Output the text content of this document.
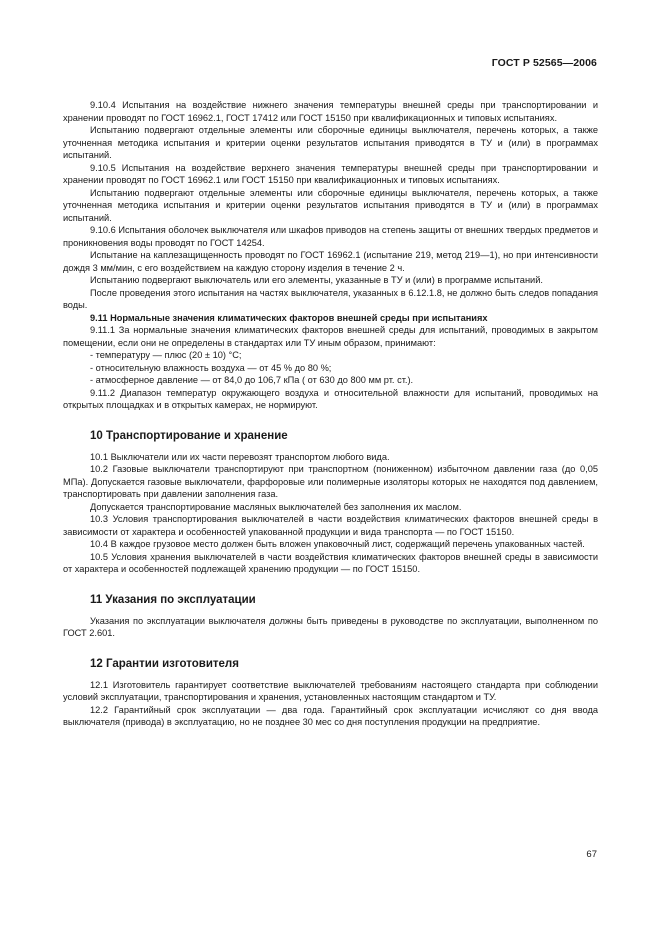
ГОСТ Р 52565—2006

9.10.4 Испытания на воздействие нижнего значения температуры внешней среды при транспортировании и хранении проводят по ГОСТ 16962.1, ГОСТ 17412 или ГОСТ 15150 при квалификационных и типовых испытаниях.

Испытанию подвергают отдельные элементы или сборочные единицы выключателя, перечень которых, а также уточненная методика испытания и критерии оценки результатов испытания приводятся в ТУ и (или) в программах испытаний.

9.10.5 Испытания на воздействие верхнего значения температуры внешней среды при транспортировании и хранении проводят по ГОСТ 16962.1 или ГОСТ 15150 при квалификационных и типовых испытаниях.

Испытанию подвергают отдельные элементы или сборочные единицы выключателя, перечень которых, а также уточненная методика испытания и критерии оценки результатов испытания приводятся в ТУ и (или) в программах испытаний.

9.10.6 Испытания оболочек выключателя или шкафов приводов на степень защиты от внешних твердых предметов и проникновения воды проводят по ГОСТ 14254.

Испытание на каплезащищенность проводят по ГОСТ 16962.1 (испытание 219, метод 219—1), но при интенсивности дождя 3 мм/мин, с его воздействием на каждую сторону изделия в течение 2 ч.

Испытанию подвергают выключатель или его элементы, указанные в ТУ и (или) в программе испытаний.

После проведения этого испытания на частях выключателя, указанных в 6.12.1.8, не должно быть следов попадания воды.

9.11 Нормальные значения климатических факторов внешней среды при испытаниях

9.11.1 За нормальные значения климатических факторов внешней среды для испытаний, проводимых в закрытом помещении, если они не определены в стандартах или ТУ иным образом, принимают:

- температуру — плюс (20 ± 10) °С;

- относительную влажность воздуха — от 45 % до 80 %;

- атмосферное давление — от 84,0 до 106,7 кПа ( от 630 до 800 мм рт. ст.).

9.11.2 Диапазон температур окружающего воздуха и относительной влажности для испытаний, проводимых на открытых площадках и в открытых камерах, не нормируют.

10 Транспортирование и хранение

10.1 Выключатели или их части перевозят транспортом любого вида.

10.2 Газовые выключатели транспортируют при транспортном (пониженном) избыточном давлении газа (до 0,05 МПа). Допускается газовые выключатели, фарфоровые или полимерные изоляторы которых не находятся под давлением, транспортировать при давлении заполнения газа.

Допускается транспортирование масляных выключателей без заполнения их маслом.

10.3 Условия транспортирования выключателей в части воздействия климатических факторов внешней среды в зависимости от характера и особенностей упакованной продукции и вида транспорта — по ГОСТ 15150.

10.4 В каждое грузовое место должен быть вложен упаковочный лист, содержащий перечень упакованных частей.

10.5 Условия хранения выключателей в части воздействия климатических факторов внешней среды в зависимости от характера и особенностей подлежащей хранению продукции — по ГОСТ 15150.

11 Указания по эксплуатации

Указания по эксплуатации выключателя должны быть приведены в руководстве по эксплуатации, выполненном по ГОСТ 2.601.

12 Гарантии изготовителя

12.1 Изготовитель гарантирует соответствие выключателей требованиям настоящего стандарта при соблюдении условий эксплуатации, транспортирования и хранения, установленных настоящим стандартом и ТУ.

12.2 Гарантийный срок эксплуатации — два года. Гарантийный срок эксплуатации исчисляют со дня ввода выключателя (привода) в эксплуатацию, но не позднее 30 мес со дня поступления продукции на предприятие.

67
